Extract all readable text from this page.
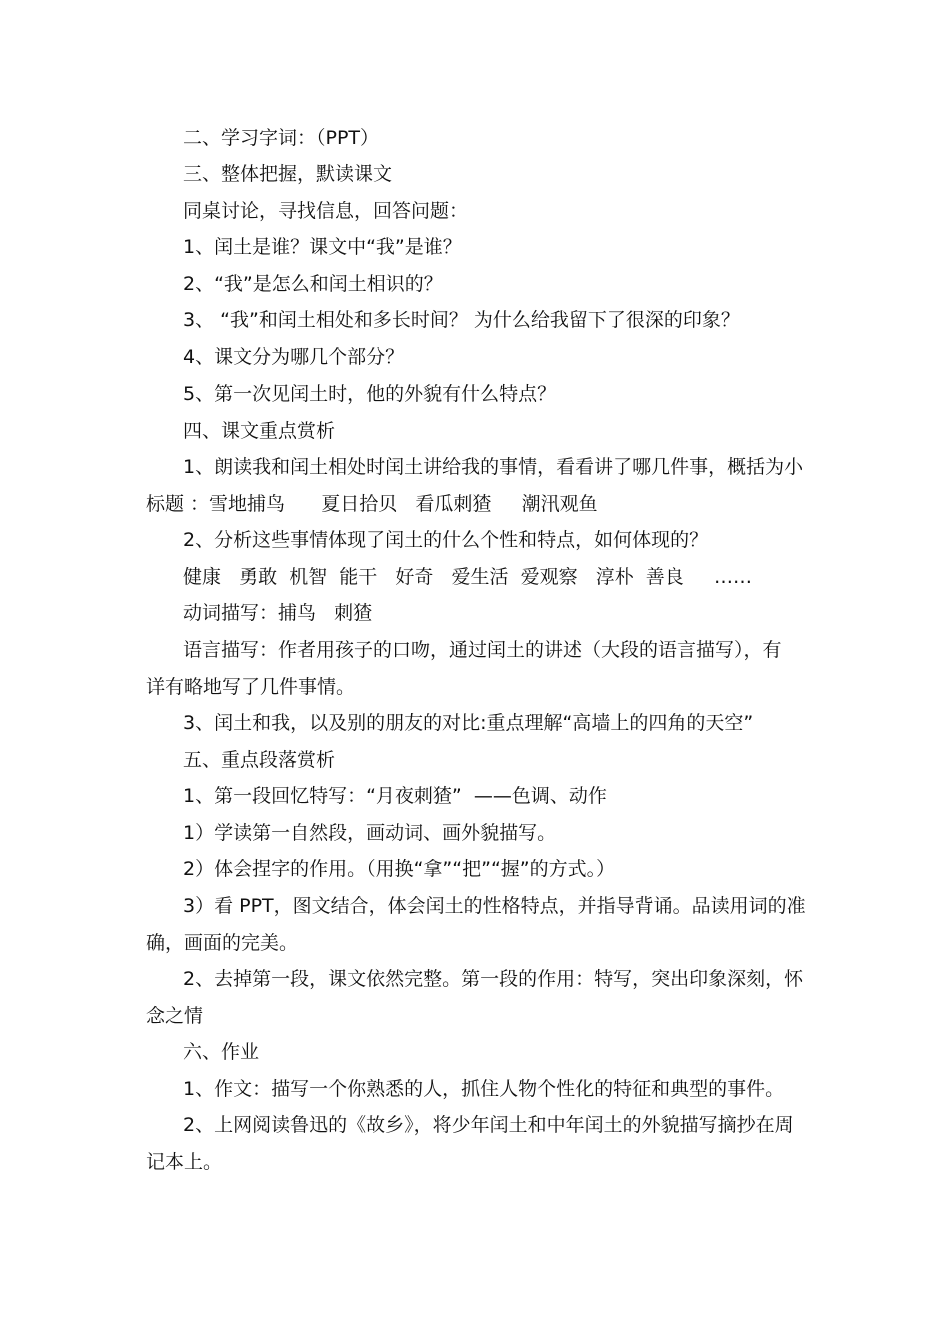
二、学习字词：（PPT）
三、整体把握，默读课文
同桌讨论，寻找信息，回答问题：
1、闰土是谁？课文中“我”是谁？
2、“我”是怎么和闰土相识的？
3、 “我”和闰土相处和多长时间？ 为什么给我留下了很深的印象？
4、课文分为哪几个部分？
5、第一次见闰土时，他的外貌有什么特点？
四、课文重点赏析
1、朗读我和闰土相处时闰土讲给我的事情，看看讲了哪几件事，概括为小
标题 ：雪地捕鸟      夏日拾贝   看瓜刺猹     潮汛观鱼
2、分析这些事情体现了闰土的什么个性和特点，如何体现的？
健康   勇敢  机智  能干   好奇   爱生活  爱观察   淳朴  善良     ……
动词描写：捕鸟   刺猹
语言描写：作者用孩子的口吻，通过闰土的讲述（大段的语言描写），有
详有略地写了几件事情。
3、闰土和我，以及别的朋友的对比:重点理解“高墙上的四角的天空”
五、重点段落赏析
1、第一段回忆特写：“月夜刺猹”  ——色调、动作
1）学读第一自然段，画动词、画外貌描写。
2）体会捏字的作用。（用换“拿”“把”“握”的方式。）
3）看 PPT，图文结合，体会闰土的性格特点，并指导背诵。品读用词的准
确，画面的完美。
2、去掉第一段，课文依然完整。第一段的作用：特写，突出印象深刻，怀
念之情
六、作业
1、作文：描写一个你熟悉的人，抓住人物个性化的特征和典型的事件。
2、上网阅读鲁迅的《故乡》，将少年闰土和中年闰土的外貌描写摘抄在周
记本上。
